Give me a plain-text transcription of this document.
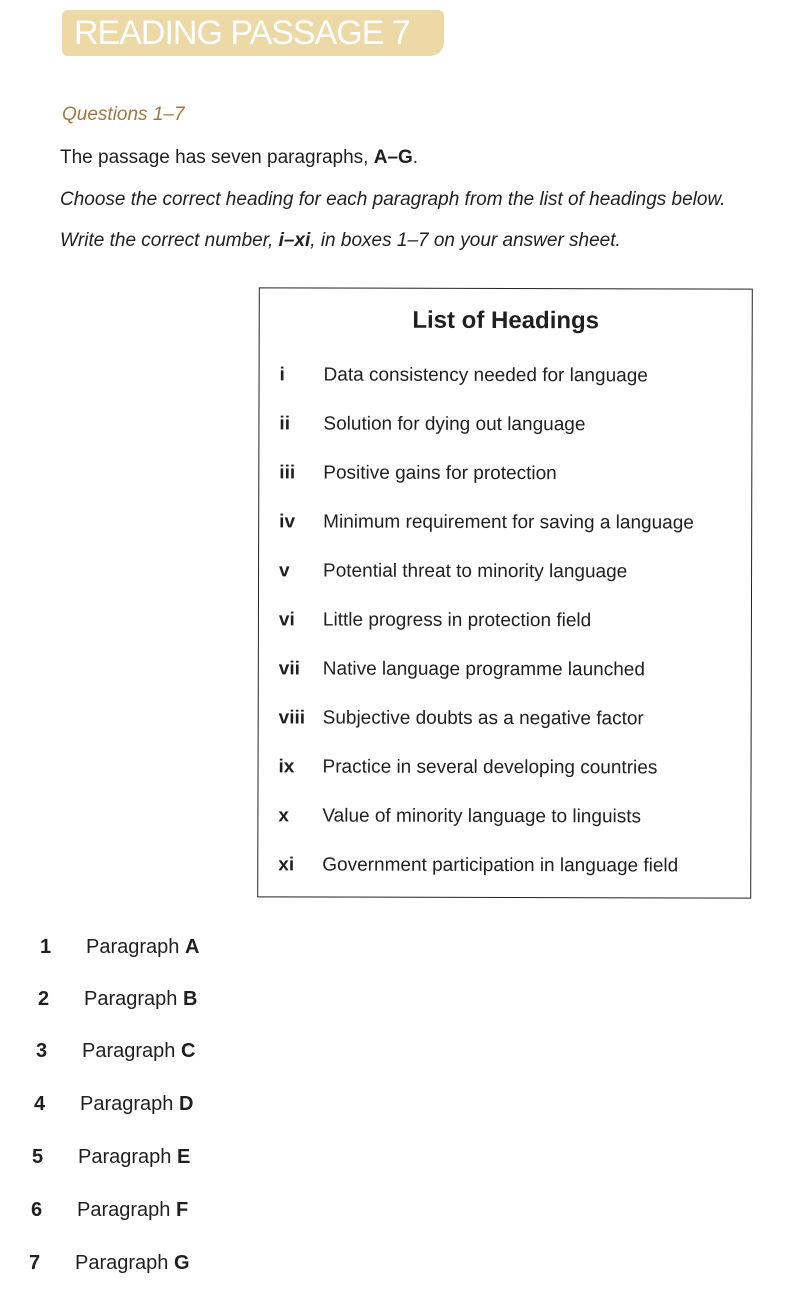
READING PASSAGE 7
Questions 1–7
The passage has seven paragraphs, A–G.
Choose the correct heading for each paragraph from the list of headings below.
Write the correct number, i–xi, in boxes 1–7 on your answer sheet.
List of Headings
i Data consistency needed for language
ii Solution for dying out language
iii Positive gains for protection
iv Minimum requirement for saving a language
v Potential threat to minority language
vi Little progress in protection field
vii Native language programme launched
viii Subjective doubts as a negative factor
ix Practice in several developing countries
x Value of minority language to linguists
xi Government participation in language field
1 Paragraph A
2 Paragraph B
3 Paragraph C
4 Paragraph D
5 Paragraph E
6 Paragraph F
7 Paragraph G
